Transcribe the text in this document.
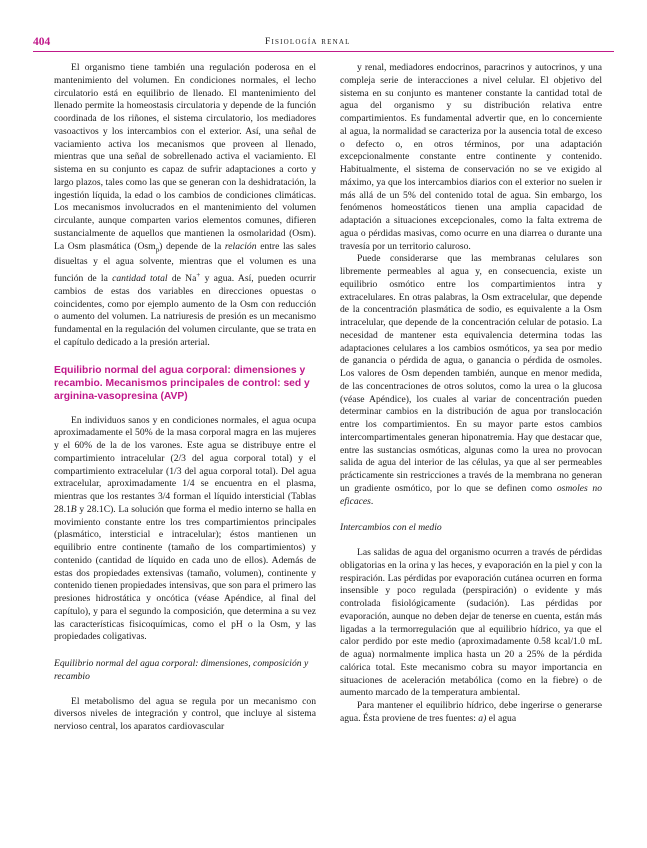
404	Fisiología renal

El organismo tiene también una regulación poderosa en el mantenimiento del volumen. En condiciones normales, el lecho circulatorio está en equilibrio de llenado. El mantenimiento del llenado permite la homeostasis circulatoria y depende de la función coordinada de los riñones, el sistema circulatorio, los mediadores vasoactivos y los intercambios con el exterior. Así, una señal de vaciamiento activa los mecanismos que proveen al llenado, mientras que una señal de sobrellenado activa el vaciamiento. El sistema en su conjunto es capaz de sufrir adaptaciones a corto y largo plazos, tales como las que se generan con la deshidratación, la ingestión líquida, la edad o los cambios de condiciones climáticas. Los mecanismos involucrados en el mantenimiento del volumen circulante, aunque comparten varios elementos comunes, difieren sustancialmente de aquellos que mantienen la osmolaridad (Osm). La Osm plasmática (Osm$_p$) depende de la relación entre las sales disueltas y el agua solvente, mientras que el volumen es una función de la cantidad total de Na+ y agua. Así, pueden ocurrir cambios de estas dos variables en direcciones opuestas o coincidentes, como por ejemplo aumento de la Osm con reducción o aumento del volumen. La natriuresis de presión es un mecanismo fundamental en la regulación del volumen circulante, que se trata en el capítulo dedicado a la presión arterial.

Equilibrio normal del agua corporal: dimensiones y recambio. Mecanismos principales de control: sed y arginina-vasopresina (AVP)

En individuos sanos y en condiciones normales, el agua ocupa aproximadamente el 50% de la masa corporal magra en las mujeres y el 60% de la de los varones. Este agua se distribuye entre el compartimiento intracelular (2/3 del agua corporal total) y el compartimiento extracelular (1/3 del agua corporal total). Del agua extracelular, aproximadamente 1/4 se encuentra en el plasma, mientras que los restantes 3/4 forman el líquido intersticial (Tablas 28.1B y 28.1C). La solución que forma el medio interno se halla en movimiento constante entre los tres compartimientos principales (plasmático, intersticial e intracelular); éstos mantienen un equilibrio entre continente (tamaño de los compartimientos) y contenido (cantidad de líquido en cada uno de ellos). Además de estas dos propiedades extensivas (tamaño, volumen), continente y contenido tienen propiedades intensivas, que son para el primero las presiones hidrostática y oncótica (véase Apéndice, al final del capítulo), y para el segundo la composición, que determina a su vez las características fisicoquímicas, como el pH o la Osm, y las propiedades coligativas.

Equilibrio normal del agua corporal: dimensiones, composición y recambio

El metabolismo del agua se regula por un mecanismo con diversos niveles de integración y control, que incluye al sistema nervioso central, los aparatos cardiovascular

y renal, mediadores endocrinos, paracrinos y autocrinos, y una compleja serie de interacciones a nivel celular. El objetivo del sistema en su conjunto es mantener constante la cantidad total de agua del organismo y su distribución relativa entre compartimientos. Es fundamental advertir que, en lo concerniente al agua, la normalidad se caracteriza por la ausencia total de exceso o defecto o, en otros términos, por una adaptación excepcionalmente constante entre continente y contenido. Habitualmente, el sistema de conservación no se ve exigido al máximo, ya que los intercambios diarios con el exterior no suelen ir más allá de un 5% del contenido total de agua. Sin embargo, los fenómenos homeostáticos tienen una amplia capacidad de adaptación a situaciones excepcionales, como la falta extrema de agua o pérdidas masivas, como ocurre en una diarrea o durante una travesía por un territorio caluroso.

Puede considerarse que las membranas celulares son libremente permeables al agua y, en consecuencia, existe un equilibrio osmótico entre los compartimientos intra y extracelulares. En otras palabras, la Osm extracelular, que depende de la concentración plasmática de sodio, es equivalente a la Osm intracelular, que depende de la concentración celular de potasio. La necesidad de mantener esta equivalencia determina todas las adaptaciones celulares a los cambios osmóticos, ya sea por medio de ganancia o pérdida de agua, o ganancia o pérdida de osmoles. Los valores de Osm dependen también, aunque en menor medida, de las concentraciones de otros solutos, como la urea o la glucosa (véase Apéndice), los cuales al variar de concentración pueden determinar cambios en la distribución de agua por translocación entre los compartimientos. En su mayor parte estos cambios intercompartimentales generan hiponatremia. Hay que destacar que, entre las sustancias osmóticas, algunas como la urea no provocan salida de agua del interior de las células, ya que al ser permeables prácticamente sin restricciones a través de la membrana no generan un gradiente osmótico, por lo que se definen como osmoles no eficaces.

Intercambios con el medio

Las salidas de agua del organismo ocurren a través de pérdidas obligatorias en la orina y las heces, y evaporación en la piel y con la respiración. Las pérdidas por evaporación cutánea ocurren en forma insensible y poco regulada (perspiración) o evidente y más controlada fisiológicamente (sudación). Las pérdidas por evaporación, aunque no deben dejar de tenerse en cuenta, están más ligadas a la termorregulación que al equilibrio hídrico, ya que el calor perdido por este medio (aproximadamente 0.58 kcal/1.0 mL de agua) normalmente implica hasta un 20 a 25% de la pérdida calórica total. Este mecanismo cobra su mayor importancia en situaciones de aceleración metabólica (como en la fiebre) o de aumento marcado de la temperatura ambiental.

Para mantener el equilibrio hídrico, debe ingerirse o generarse agua. Ésta proviene de tres fuentes: a) el agua
